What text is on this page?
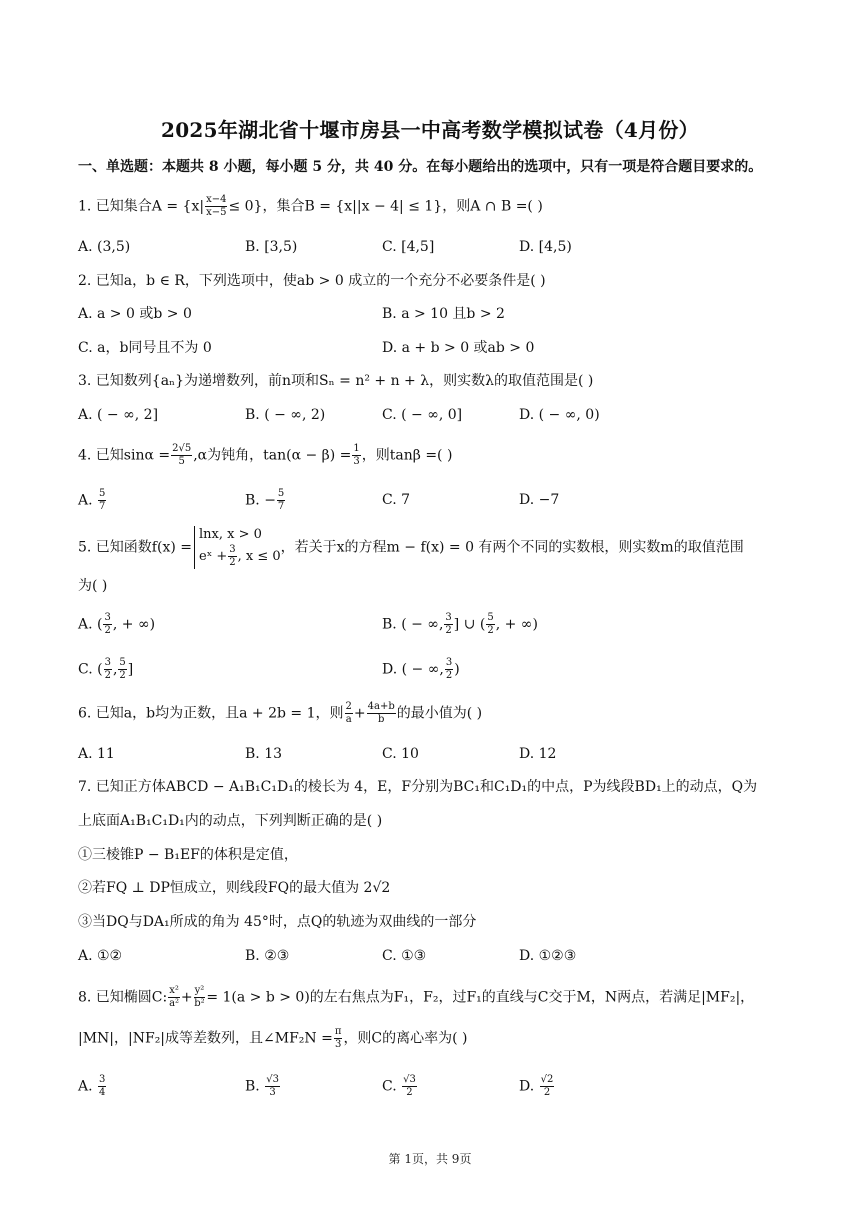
2025年湖北省十堰市房县一中高考数学模拟试卷（4月份）
一、单选题：本题共 8 小题，每小题 5 分，共 40 分。在每小题给出的选项中，只有一项是符合题目要求的。
1. 已知集合$A = \{x| \frac{x-4}{x-5} \le 0\}$，集合B = {x||x − 4| ≤ 1}，则A ∩ B =( )
A. (3,5)	B. [3,5)	C. [4,5]	D. [4,5)
2. 已知a，b ∈ R，下列选项中，使ab > 0 成立的一个充分不必要条件是( )
A. a > 0 或b > 0	B. a > 10 且b > 2
C. a，b同号且不为 0	D. a + b > 0 或ab > 0
3. 已知数列{aₙ}为递增数列，前n项和Sₙ = n² + n + λ，则实数λ的取值范围是( )
A. ( − ∞, 2]	B. ( − ∞, 2)	C. ( − ∞, 0]	D. ( − ∞, 0)
4. 已知$\sin\alpha = \frac{2√5}{5} ,\alpha$为钝角，$\tan(\alpha - \beta) = \frac{1}{3}$ ，则tanβ =( )
A. $\frac{5}{7}$	B. − $\frac{5}{7}$	C. 7	D. −7
5. 已知函数f(x) =
lnx, x > 0
eˣ + $\frac{3}{2}$ , x ≤ 0
，若关于x的方程m − f(x) = 0 有两个不同的实数根，则实数m的取值范围
为( )
A. ( $\frac{3}{2}$ , + ∞)	B. ( − ∞, $\frac{3}{2}$ ] ∪ ( $\frac{5}{2}$ , + ∞)
C. ( $\frac{3}{2}$ , $\frac{5}{2}$ ]	D. ( − ∞, $\frac{3}{2}$ )
6. 已知a，b均为正数，且a + 2b = 1，则 $\frac{2}{a} + \frac{4a+b}{b}$ 的最小值为( )
A. 11	B. 13	C. 10	D. 12
7. 已知正方体ABCD − A₁B₁C₁D₁的棱长为 4，E，F分别为BC₁和C₁D₁的中点，P为线段BD₁上的动点，Q为
上底面A₁B₁C₁D₁内的动点，下列判断正确的是( )
①三棱锥P − B₁EF的体积是定值，
②若FQ ⊥ DP恒成立，则线段FQ的最大值为 2√2
③当DQ与DA₁所成的角为 45°时，点Q的轨迹为双曲线的一部分
A. ①②	B. ②③	C. ①③	D. ①②③
8. 已知椭圆C: $\frac{\text{x²}}{\text{a²}} + \frac{\text{y²}}{\text{b²}} = 1(a > b > 0)$的左右焦点为F₁，F₂，过F₁的直线与C交于M，N两点，若满足|MF₂|，
|MN|，|NF₂|成等差数列，且∠MF₂N = $\frac{\pi}{3}$ ，则C的离心率为( )
A. $\frac{3}{4}$	B. $\frac{√3}{3}$	C. $\frac{√3}{2}$	D. $\frac{√2}{2}$
第 1页，共 9页
